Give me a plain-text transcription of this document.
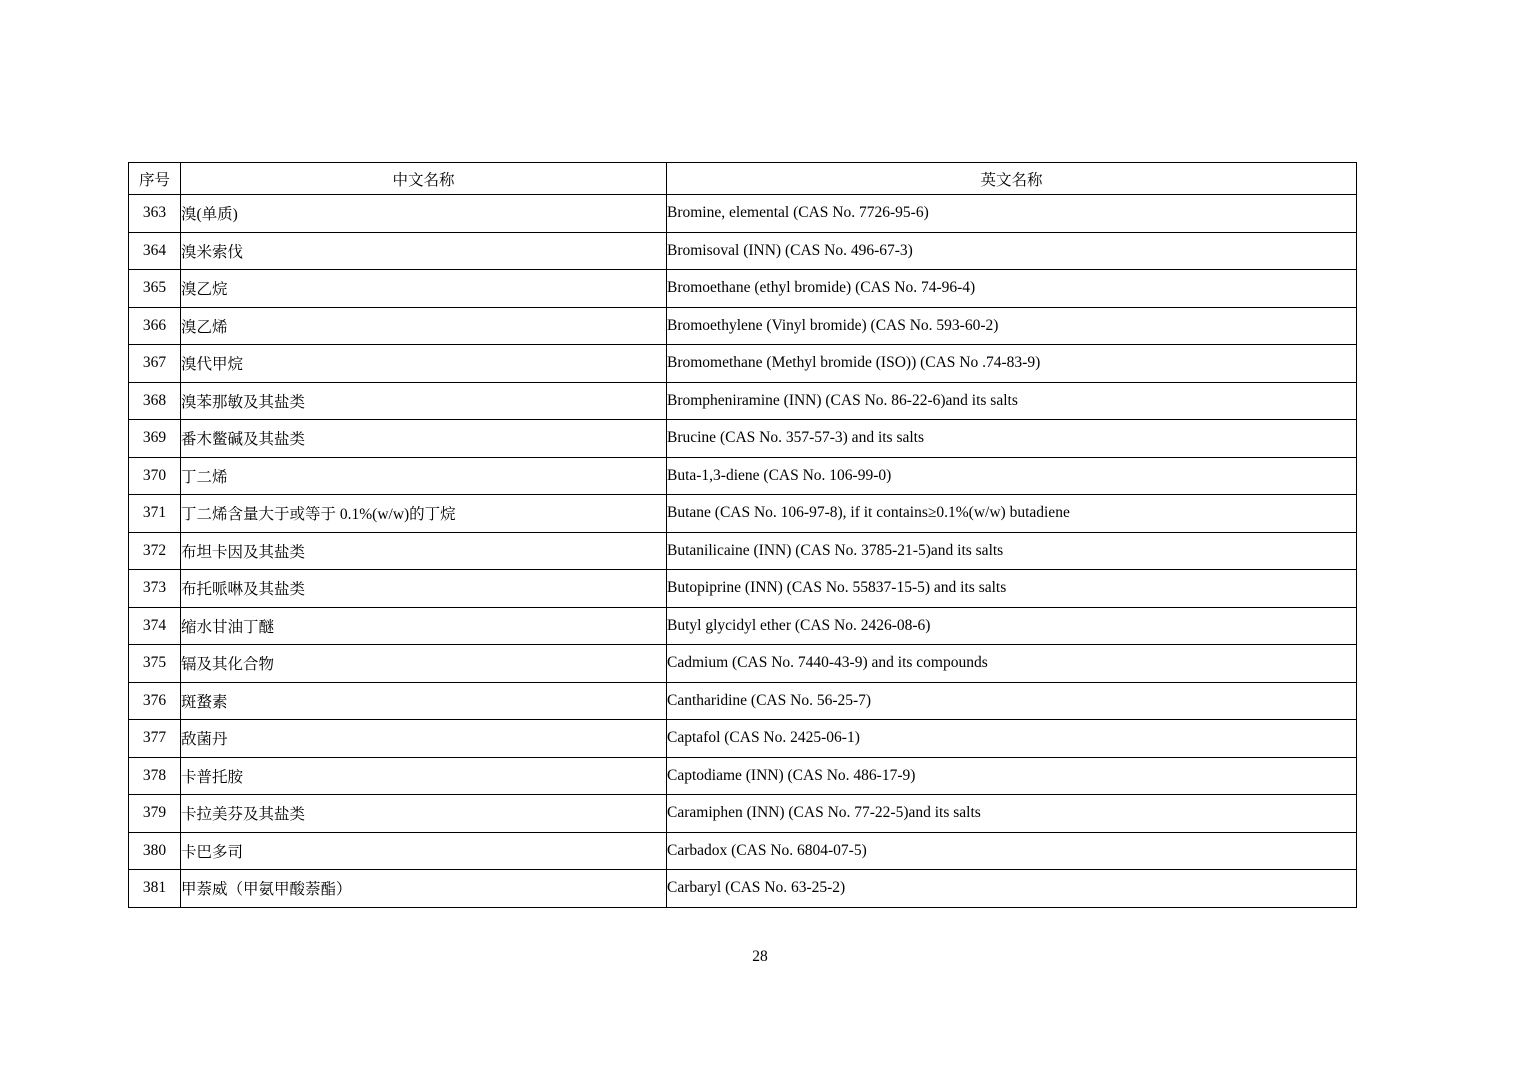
序号	中文名称	英文名称
363	溴(单质)	Bromine, elemental (CAS No. 7726-95-6)
364	溴米索伐	Bromisoval (INN) (CAS No. 496-67-3)
365	溴乙烷	Bromoethane (ethyl bromide) (CAS No. 74-96-4)
366	溴乙烯	Bromoethylene (Vinyl bromide) (CAS No. 593-60-2)
367	溴代甲烷	Bromomethane (Methyl bromide (ISO)) (CAS No .74-83-9)
368	溴苯那敏及其盐类	Brompheniramine (INN) (CAS No. 86-22-6)and its salts
369	番木鳖碱及其盐类	Brucine (CAS No. 357-57-3) and its salts
370	丁二烯	Buta-1,3-diene (CAS No. 106-99-0)
371	丁二烯含量大于或等于 0.1%(w/w)的丁烷	Butane (CAS No. 106-97-8), if it contains≥0.1%(w/w) butadiene
372	布坦卡因及其盐类	Butanilicaine (INN) (CAS No. 3785-21-5)and its salts
373	布托哌啉及其盐类	Butopiprine (INN) (CAS No. 55837-15-5) and its salts
374	缩水甘油丁醚	Butyl glycidyl ether (CAS No. 2426-08-6)
375	镉及其化合物	Cadmium (CAS No. 7440-43-9) and its compounds
376	斑蝥素	Cantharidine (CAS No. 56-25-7)
377	敌菌丹	Captafol (CAS No. 2425-06-1)
378	卡普托胺	Captodiame (INN) (CAS No. 486-17-9)
379	卡拉美芬及其盐类	Caramiphen (INN) (CAS No. 77-22-5)and its salts
380	卡巴多司	Carbadox (CAS No. 6804-07-5)
381	甲萘威（甲氨甲酸萘酯）	Carbaryl (CAS No. 63-25-2)
28
